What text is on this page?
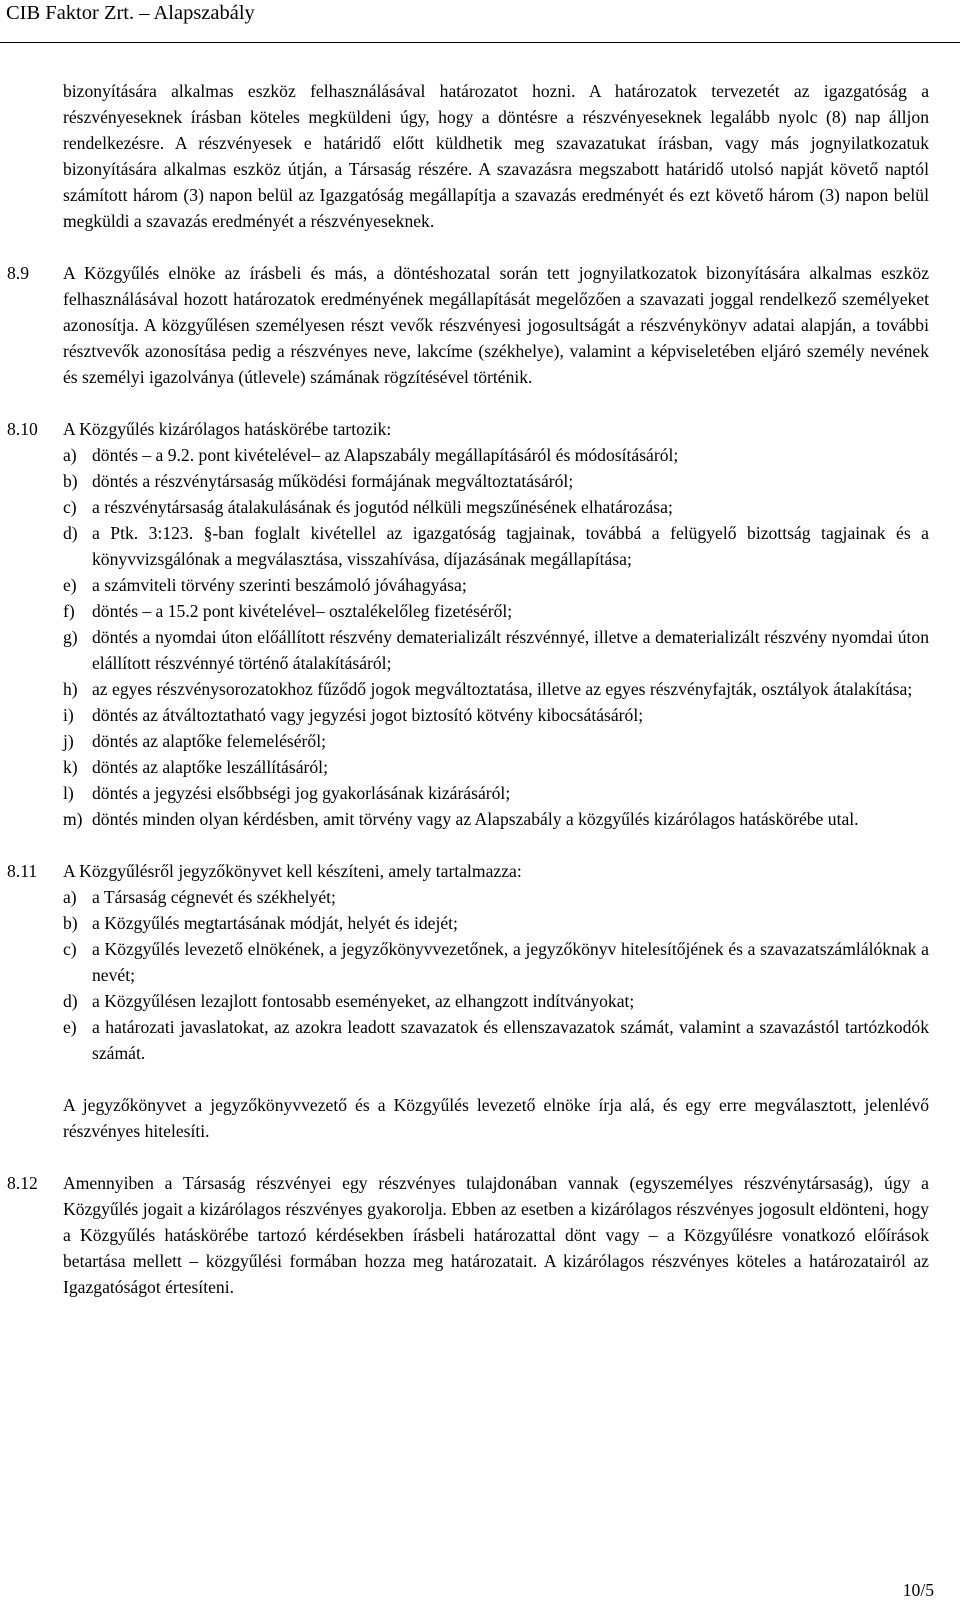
CIB Faktor Zrt. – Alapszabály

bizonyítására alkalmas eszköz felhasználásával határozatot hozni. A határozatok tervezetét az igazgatóság a részvényeseknek írásban köteles megküldeni úgy, hogy a döntésre a részvényeseknek legalább nyolc (8) nap álljon rendelkezésre. A részvényesek e határidő előtt küldhetik meg szavazatukat írásban, vagy más jognyilatkozatuk bizonyítására alkalmas eszköz útján, a Társaság részére. A szavazásra megszabott határidő utolsó napját követő naptól számított három (3) napon belül az Igazgatóság megállapítja a szavazás eredményét és ezt követő három (3) napon belül megküldi a szavazás eredményét a részvényeseknek.

8.9 A Közgyűlés elnöke az írásbeli és más, a döntéshozatal során tett jognyilatkozatok bizonyítására alkalmas eszköz felhasználásával hozott határozatok eredményének megállapítását megelőzően a szavazati joggal rendelkező személyeket azonosítja. A közgyűlésen személyesen részt vevők részvényesi jogosultságát a részvénykönyv adatai alapján, a további résztvevők azonosítása pedig a részvényes neve, lakcíme (székhelye), valamint a képviseletében eljáró személy nevének és személyi igazolványa (útlevele) számának rögzítésével történik.

8.10 A Közgyűlés kizárólagos hatáskörébe tartozik:
a) döntés – a 9.2. pont kivételével– az Alapszabály megállapításáról és módosításáról;
b) döntés a részvénytársaság működési formájának megváltoztatásáról;
c) a részvénytársaság átalakulásának és jogutód nélküli megszűnésének elhatározása;
d) a Ptk. 3:123. §-ban foglalt kivétellel az igazgatóság tagjainak, továbbá a felügyelő bizottság tagjainak és a könyvvizsgálónak a megválasztása, visszahívása, díjazásának megállapítása;
e) a számviteli törvény szerinti beszámoló jóváhagyása;
f) döntés – a 15.2 pont kivételével– osztalékelőleg fizetéséről;
g) döntés a nyomdai úton előállított részvény dematerializált részvénnyé, illetve a dematerializált részvény nyomdai úton elállított részvénnyé történő átalakításáról;
h) az egyes részvénysorozatokhoz fűződő jogok megváltoztatása, illetve az egyes részvényfajták, osztályok átalakítása;
i) döntés az átváltoztatható vagy jegyzési jogot biztosító kötvény kibocsátásáról;
j) döntés az alaptőke felemeléséről;
k) döntés az alaptőke leszállításáról;
l) döntés a jegyzési elsőbbségi jog gyakorlásának kizárásáról;
m) döntés minden olyan kérdésben, amit törvény vagy az Alapszabály a közgyűlés kizárólagos hatáskörébe utal.
8.11 A Közgyűlésről jegyzőkönyvet kell készíteni, amely tartalmazza:
a) a Társaság cégnevét és székhelyét;
b) a Közgyűlés megtartásának módját, helyét és idejét;
c) a Közgyűlés levezető elnökének, a jegyzőkönyvvezetőnek, a jegyzőkönyv hitelesítőjének és a szavazatszámlálóknak a nevét;
d) a Közgyűlésen lezajlott fontosabb eseményeket, az elhangzott indítványokat;
e) a határozati javaslatokat, az azokra leadott szavazatok és ellenszavazatok számát, valamint a szavazástól tartózkodók számát.

A jegyzőkönyvet a jegyzőkönyvvezető és a Közgyűlés levezető elnöke írja alá, és egy erre megválasztott, jelenlévő részvényes hitelesíti.

8.12 Amennyiben a Társaság részvényei egy részvényes tulajdonában vannak (egyszemélyes részvénytársaság), úgy a Közgyűlés jogait a kizárólagos részvényes gyakorolja. Ebben az esetben a kizárólagos részvényes jogosult eldönteni, hogy a Közgyűlés hatáskörébe tartozó kérdésekben írásbeli határozattal dönt vagy – a Közgyűlésre vonatkozó előírások betartása mellett – közgyűlési formában hozza meg határozatait. A kizárólagos részvényes köteles a határozatairól az Igazgatóságot értesíteni.

10/5
